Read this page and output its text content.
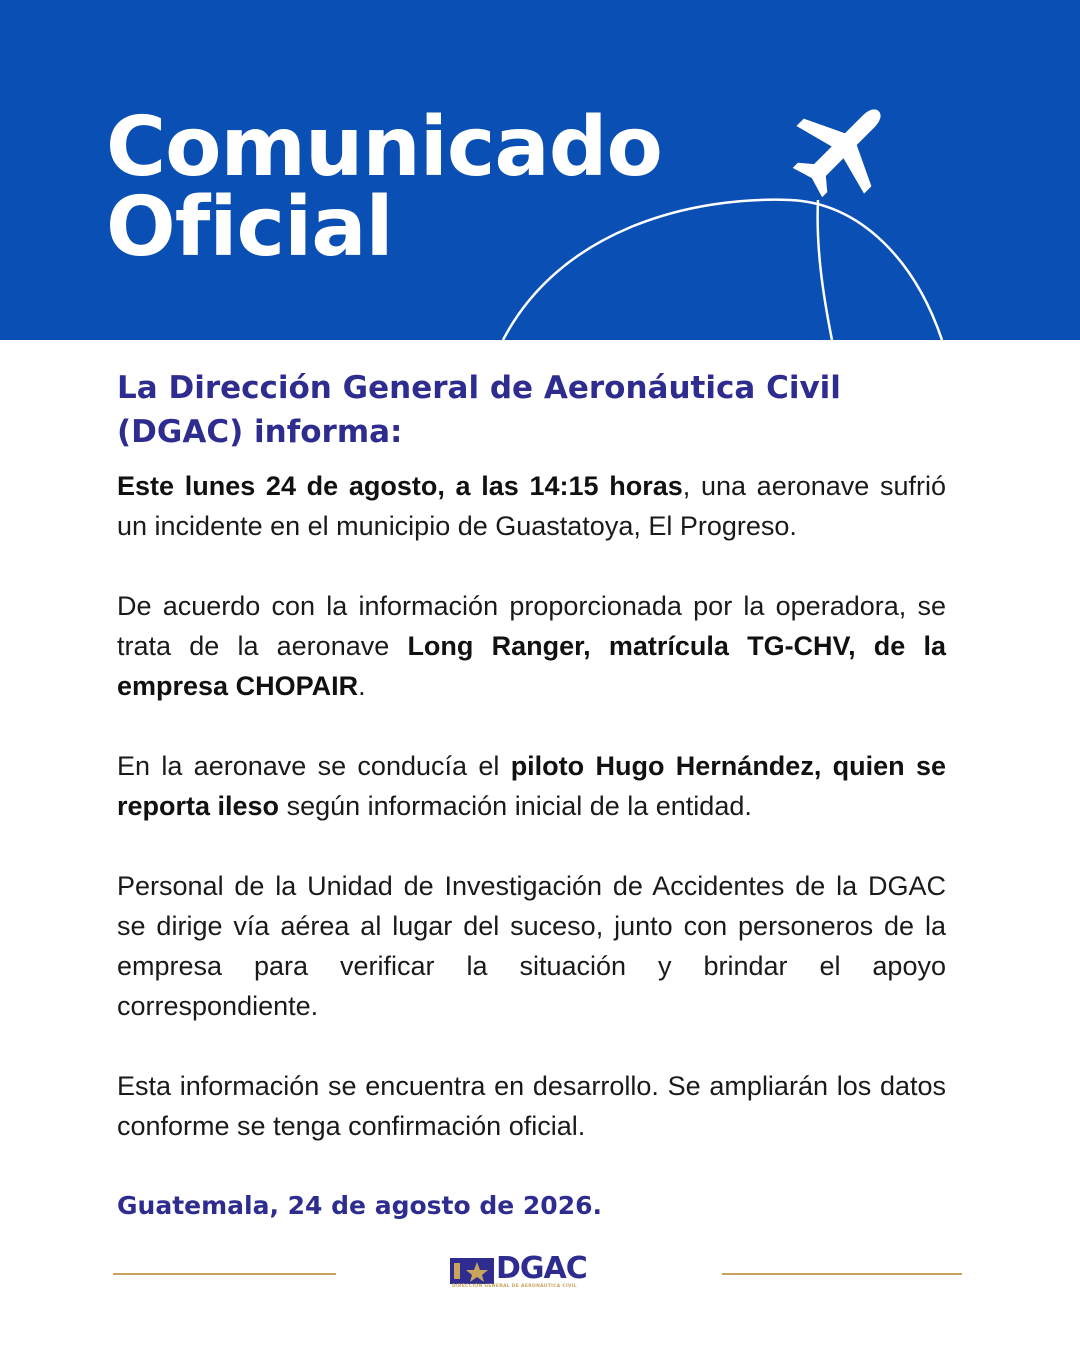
Comunicado
Oficial
La Dirección General de Aeronáutica Civil (DGAC) informa:

Este lunes 24 de agosto, a las 14:15 horas, una aeronave sufrió un incidente en el municipio de Guastatoya, El Progreso.

De acuerdo con la información proporcionada por la operadora, se trata de la aeronave Long Ranger, matrícula TG-CHV, de la empresa CHOPAIR.

En la aeronave se conducía el piloto Hugo Hernández, quien se reporta ileso según información inicial de la entidad.

Personal de la Unidad de Investigación de Accidentes de la DGAC se dirige vía aérea al lugar del suceso, junto con personeros de la empresa para verificar la situación y brindar el apoyo correspondiente.

Esta información se encuentra en desarrollo. Se ampliarán los datos conforme se tenga confirmación oficial.

Guatemala, 24 de agosto de 2026.
DGAC
DIRECCIÓN GENERAL DE AERONÁUTICA CIVIL
